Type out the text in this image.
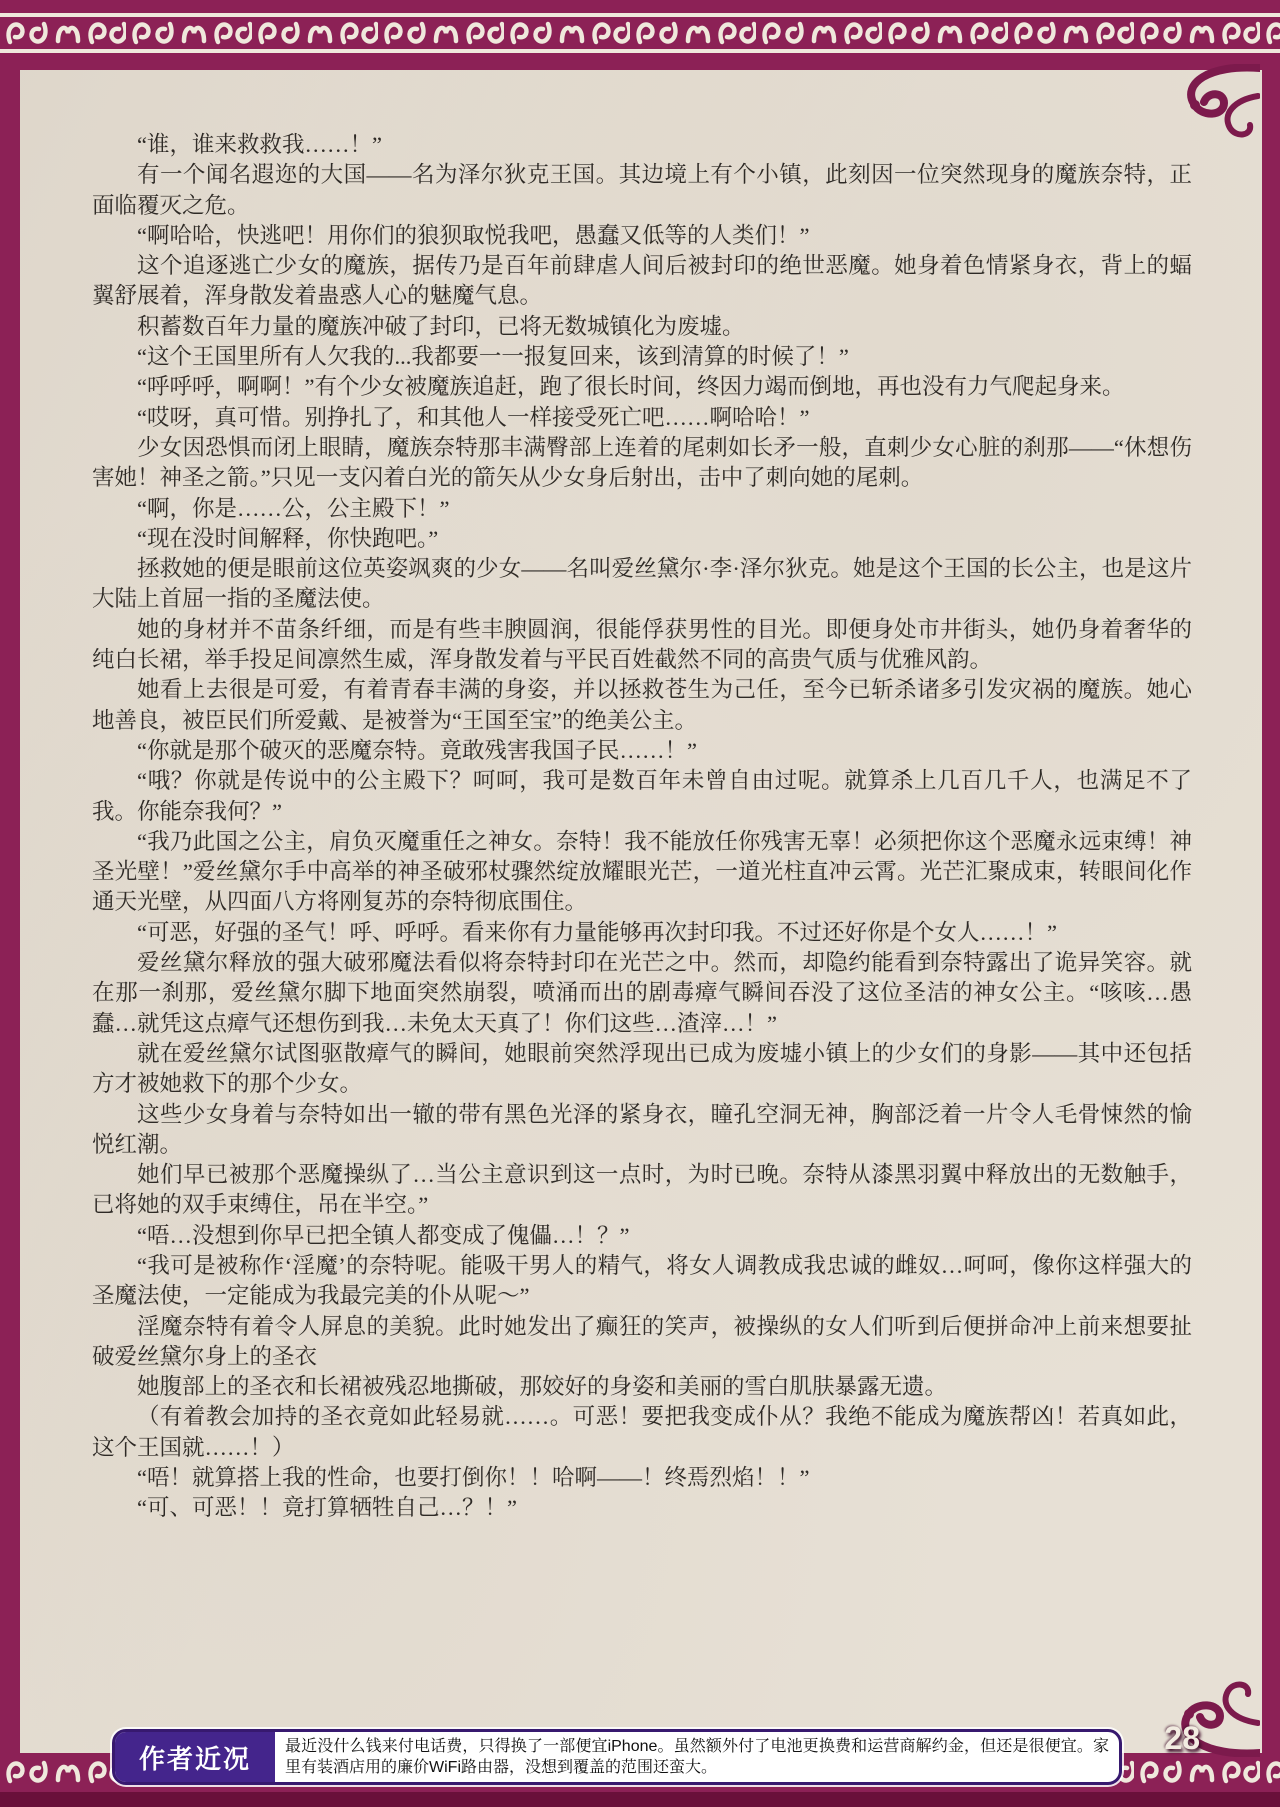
“谁，谁来救救我……！”

有一个闻名遐迩的大国——名为泽尔狄克王国。其边境上有个小镇，此刻因一位突然现身的魔族奈特，正面临覆灭之危。

“啊哈哈，快逃吧！用你们的狼狈取悦我吧，愚蠢又低等的人类们！”

这个追逐逃亡少女的魔族，据传乃是百年前肆虐人间后被封印的绝世恶魔。她身着色情紧身衣，背上的蝠翼舒展着，浑身散发着蛊惑人心的魅魔气息。

积蓄数百年力量的魔族冲破了封印，已将无数城镇化为废墟。

“这个王国里所有人欠我的...我都要一一报复回来，该到清算的时候了！”

“呼呼呼，啊啊！”有个少女被魔族追赶，跑了很长时间，终因力竭而倒地，再也没有力气爬起身来。

“哎呀，真可惜。别挣扎了，和其他人一样接受死亡吧……啊哈哈！”

少女因恐惧而闭上眼睛，魔族奈特那丰满臀部上连着的尾刺如长矛一般，直刺少女心脏的刹那——“休想伤害她！神圣之箭。”只见一支闪着白光的箭矢从少女身后射出，击中了刺向她的尾刺。

“啊，你是……公，公主殿下！”

“现在没时间解释，你快跑吧。”

拯救她的便是眼前这位英姿飒爽的少女——名叫爱丝黛尔·李·泽尔狄克。她是这个王国的长公主，也是这片大陆上首屈一指的圣魔法使。

她的身材并不苗条纤细，而是有些丰腴圆润，很能俘获男性的目光。即便身处市井街头，她仍身着奢华的纯白长裙，举手投足间凛然生威，浑身散发着与平民百姓截然不同的高贵气质与优雅风韵。

她看上去很是可爱，有着青春丰满的身姿，并以拯救苍生为己任，至今已斩杀诸多引发灾祸的魔族。她心地善良，被臣民们所爱戴、是被誉为“王国至宝”的绝美公主。

“你就是那个破灭的恶魔奈特。竟敢残害我国子民……！”

“哦？你就是传说中的公主殿下？呵呵，我可是数百年未曾自由过呢。就算杀上几百几千人，也满足不了我。你能奈我何？”

“我乃此国之公主，肩负灭魔重任之神女。奈特！我不能放任你残害无辜！必须把你这个恶魔永远束缚！神圣光壁！”爱丝黛尔手中高举的神圣破邪杖骤然绽放耀眼光芒，一道光柱直冲云霄。光芒汇聚成束，转眼间化作通天光壁，从四面八方将刚复苏的奈特彻底围住。

“可恶，好强的圣气！呼、呼呼。看来你有力量能够再次封印我。不过还好你是个女人……！”

爱丝黛尔释放的强大破邪魔法看似将奈特封印在光芒之中。然而，却隐约能看到奈特露出了诡异笑容。就在那一刹那，爱丝黛尔脚下地面突然崩裂，喷涌而出的剧毒瘴气瞬间吞没了这位圣洁的神女公主。“咳咳…愚蠢…就凭这点瘴气还想伤到我…未免太天真了！你们这些…渣滓…！”

就在爱丝黛尔试图驱散瘴气的瞬间，她眼前突然浮现出已成为废墟小镇上的少女们的身影——其中还包括方才被她救下的那个少女。

这些少女身着与奈特如出一辙的带有黑色光泽的紧身衣，瞳孔空洞无神，胸部泛着一片令人毛骨悚然的愉悦红潮。

她们早已被那个恶魔操纵了…当公主意识到这一点时，为时已晚。奈特从漆黑羽翼中释放出的无数触手，已将她的双手束缚住，吊在半空。”

“唔…没想到你早已把全镇人都变成了傀儡…！？”

“我可是被称作‘淫魔’的奈特呢。能吸干男人的精气，将女人调教成我忠诚的雌奴…呵呵，像你这样强大的圣魔法使，一定能成为我最完美的仆从呢～”

淫魔奈特有着令人屏息的美貌。此时她发出了癫狂的笑声，被操纵的女人们听到后便拼命冲上前来想要扯破爱丝黛尔身上的圣衣

她腹部上的圣衣和长裙被残忍地撕破，那姣好的身姿和美丽的雪白肌肤暴露无遗。

（有着教会加持的圣衣竟如此轻易就……。可恶！要把我变成仆从？我绝不能成为魔族帮凶！若真如此，这个王国就……！）

“唔！就算搭上我的性命，也要打倒你！！哈啊——！终焉烈焰！！”

“可、可恶！！竟打算牺牲自己…？！”

28
作者近况	最近没什么钱来付电话费，只得换了一部便宜iPhone。虽然额外付了电池更换费和运营商解约金，但还是很便宜。家里有装酒店用的廉价WiFi路由器，没想到覆盖的范围还蛮大。
